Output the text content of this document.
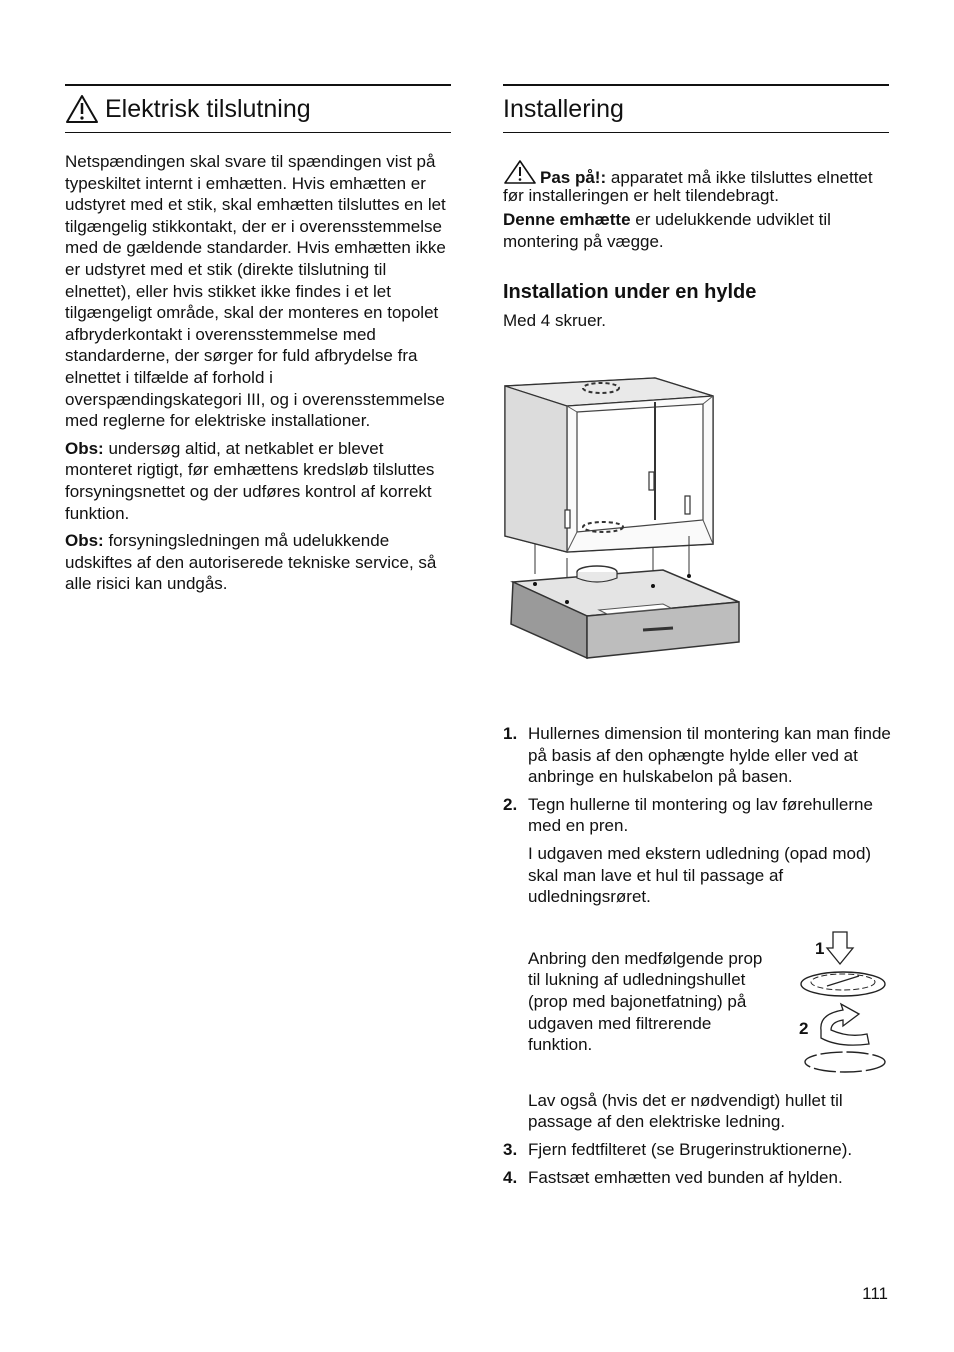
Elektrisk tilslutning

Netspændingen skal svare til spændingen vist på typeskiltet internt i emhætten. Hvis emhætten er udstyret med et stik, skal emhætten tilsluttes en let tilgængelig stikkontakt, der er i overensstemmelse med de gældende standarder. Hvis emhætten ikke er udstyret med et stik (direkte tilslutning til elnettet), eller hvis stikket ikke findes i et let tilgængeligt område, skal der monteres en topolet afbryderkontakt i overensstemmelse med standarderne, der sørger for fuld afbrydelse fra elnettet i tilfælde af forhold i overspændingskategori III, og i overensstemmelse med reglerne for elektriske installationer.

Obs: undersøg altid, at netkablet er blevet monteret rigtigt, før emhættens kredsløb tilsluttes forsyningsnettet og der udføres kontrol af korrekt funktion.

Obs: forsyningsledningen må udelukkende udskiftes af den autoriserede tekniske service, så alle risici kan undgås.

Installering
Pas på!: apparatet må ikke tilsluttes elnettet før installeringen er helt tilendebragt.

Denne emhætte er udelukkende udviklet til montering på vægge.

Installation under en hylde

Med 4 skruer.

1. Hullernes dimension til montering kan man finde på basis af den ophængte hylde eller ved at anbringe en hulskabelon på basen.
2. Tegn hullerne til montering og lav førehullerne med en pren.
I udgaven med ekstern udledning (opad mod) skal man lave et hul til passage af udledningsrøret.
Anbring den medfølgende prop til lukning af udledningshullet (prop med bajonetfatning) på udgaven med filtrerende funktion.
1
2
Lav også (hvis det er nødvendigt) hullet til passage af den elektriske ledning.
3. Fjern fedtfilteret (se Brugerinstruktionerne).
4. Fastsæt emhætten ved bunden af hylden.
111
